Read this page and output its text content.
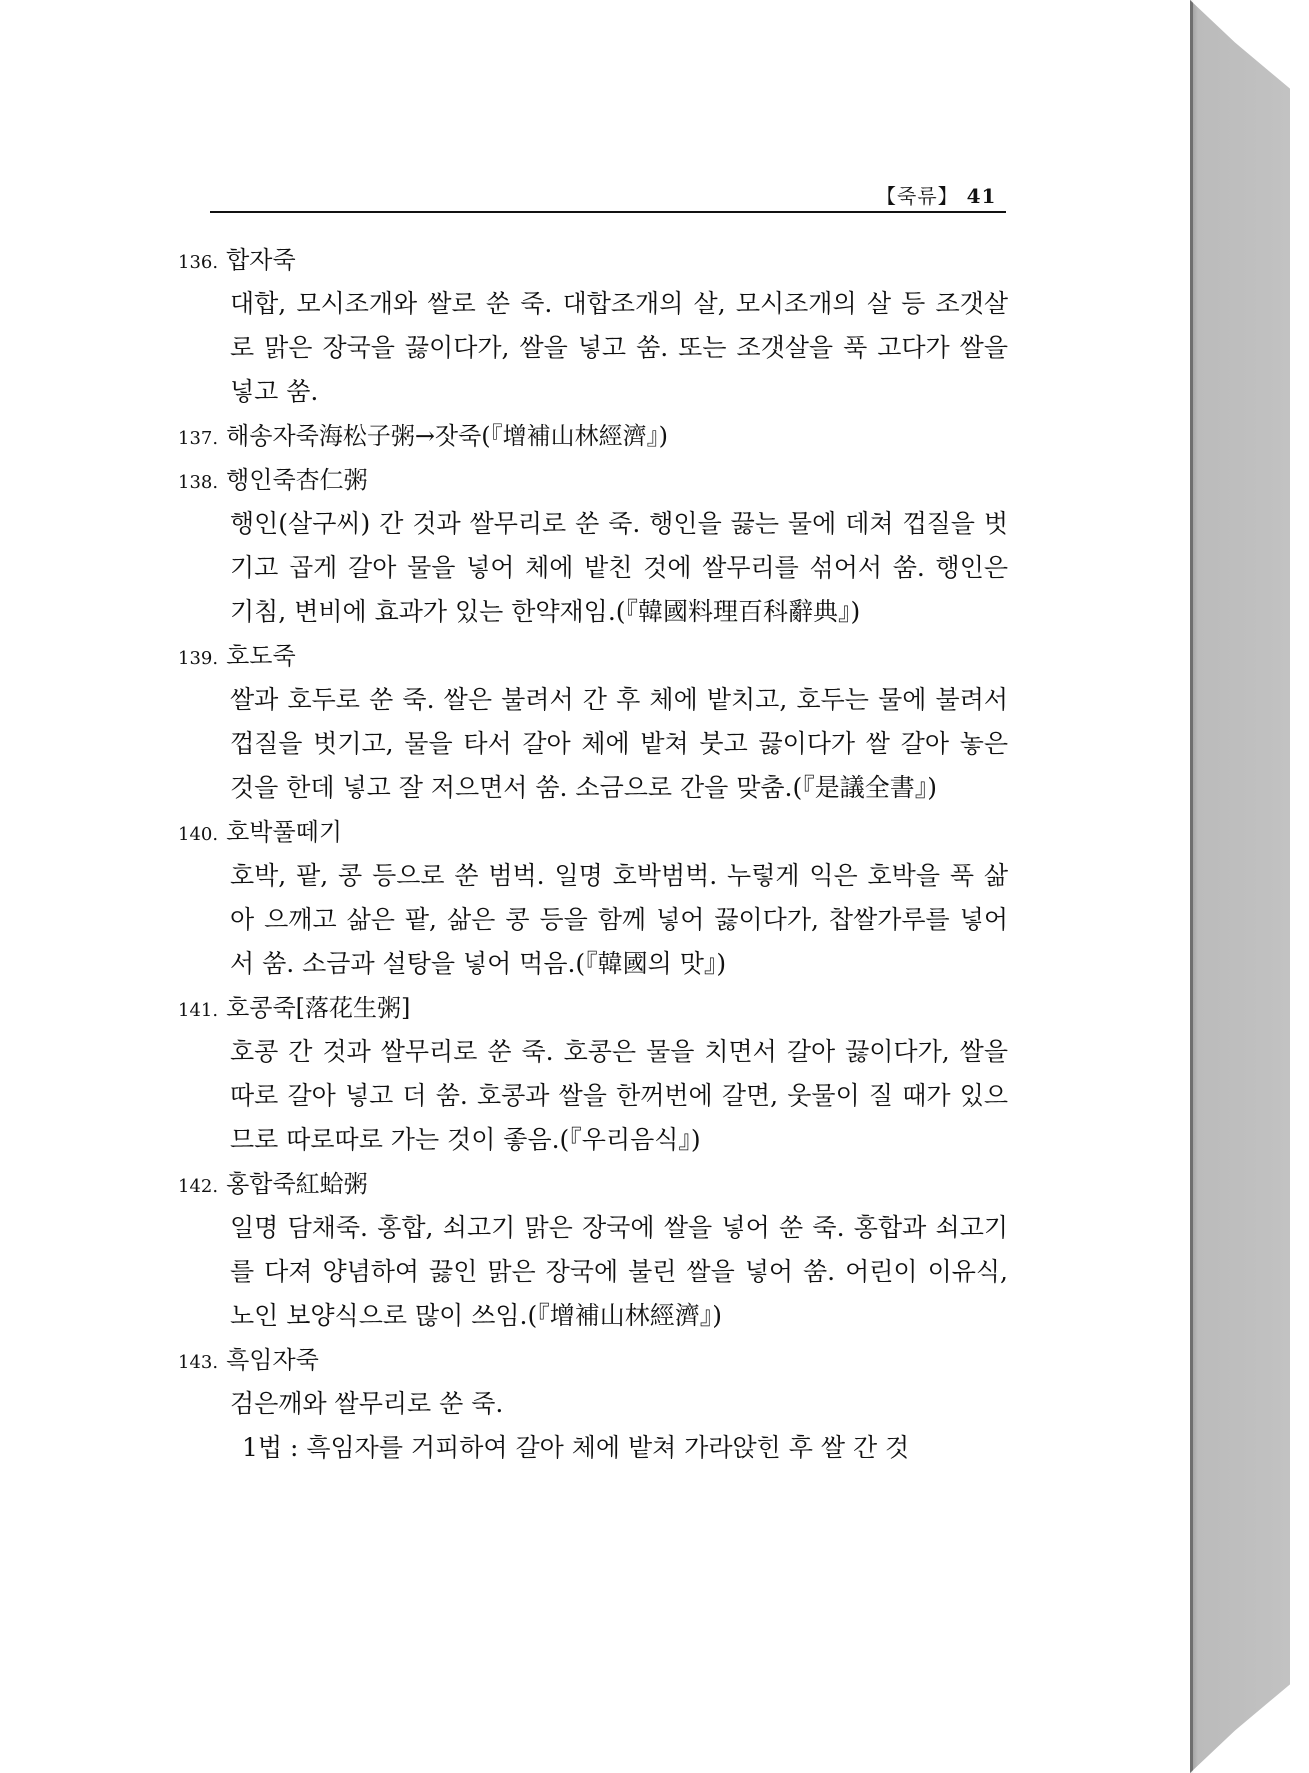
【죽류】 41
136. 합자죽
대합, 모시조개와 쌀로 쑨 죽. 대합조개의 살, 모시조개의 살 등 조갯살로 맑은 장국을 끓이다가, 쌀을 넣고 쑴. 또는 조갯살을 푹 고다가 쌀을 넣고 쑴.
137. 해송자죽海松子粥→잣죽(『增補山林經濟』)
138. 행인죽杏仁粥
행인(살구씨) 간 것과 쌀무리로 쑨 죽. 행인을 끓는 물에 데쳐 껍질을 벗기고 곱게 갈아 물을 넣어 체에 밭친 것에 쌀무리를 섞어서 쑴. 행인은 기침, 변비에 효과가 있는 한약재임.(『韓國料理百科辭典』)
139. 호도죽
쌀과 호두로 쑨 죽. 쌀은 불려서 간 후 체에 밭치고, 호두는 물에 불려서 껍질을 벗기고, 물을 타서 갈아 체에 밭쳐 붓고 끓이다가 쌀 갈아 놓은 것을 한데 넣고 잘 저으면서 쑴. 소금으로 간을 맞춤.(『是議全書』)
140. 호박풀떼기
호박, 팥, 콩 등으로 쑨 범벅. 일명 호박범벅. 누렇게 익은 호박을 푹 삶아 으깨고 삶은 팥, 삶은 콩 등을 함께 넣어 끓이다가, 찹쌀가루를 넣어서 쑴. 소금과 설탕을 넣어 먹음.(『韓國의 맛』)
141. 호콩죽[落花生粥]
호콩 간 것과 쌀무리로 쑨 죽. 호콩은 물을 치면서 갈아 끓이다가, 쌀을 따로 갈아 넣고 더 쑴. 호콩과 쌀을 한꺼번에 갈면, 웃물이 질 때가 있으므로 따로따로 가는 것이 좋음.(『우리음식』)
142. 홍합죽紅蛤粥
일명 담채죽. 홍합, 쇠고기 맑은 장국에 쌀을 넣어 쑨 죽. 홍합과 쇠고기를 다져 양념하여 끓인 맑은 장국에 불린 쌀을 넣어 쑴. 어린이 이유식, 노인 보양식으로 많이 쓰임.(『增補山林經濟』)
143. 흑임자죽
검은깨와 쌀무리로 쑨 죽.
1법 : 흑임자를 거피하여 갈아 체에 밭쳐 가라앉힌 후 쌀 간 것
